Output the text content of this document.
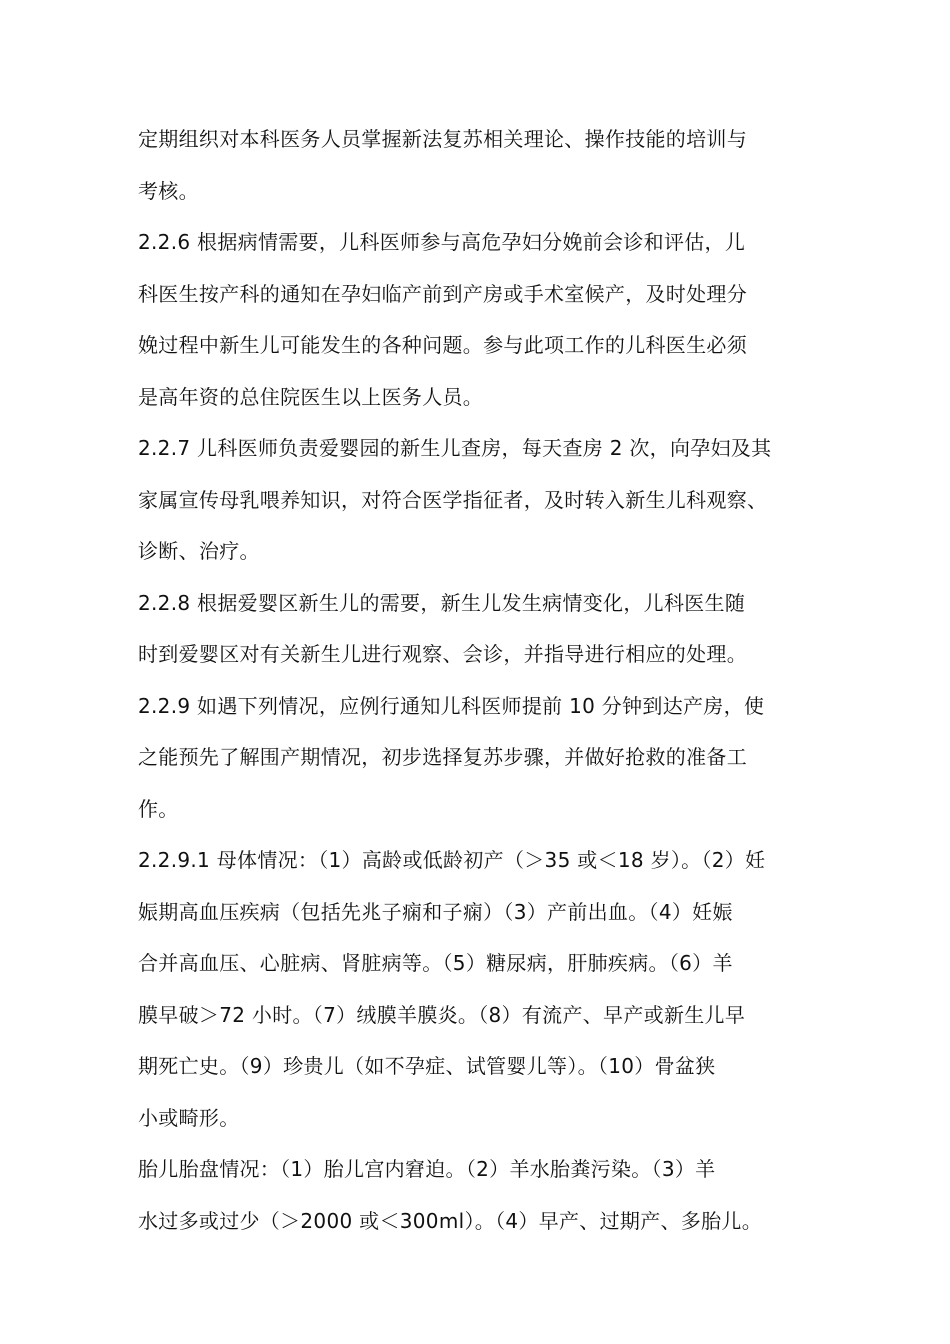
定期组织对本科医务人员掌握新法复苏相关理论、操作技能的培训与
考核。
2.2.6 根据病情需要，儿科医师参与高危孕妇分娩前会诊和评估，儿
科医生按产科的通知在孕妇临产前到产房或手术室候产，及时处理分
娩过程中新生儿可能发生的各种问题。参与此项工作的儿科医生必须
是高年资的总住院医生以上医务人员。
2.2.7 儿科医师负责爱婴园的新生儿查房，每天查房 2 次，向孕妇及其
家属宣传母乳喂养知识，对符合医学指征者，及时转入新生儿科观察、
诊断、治疗。
2.2.8 根据爱婴区新生儿的需要，新生儿发生病情变化，儿科医生随
时到爱婴区对有关新生儿进行观察、会诊，并指导进行相应的处理。
2.2.9 如遇下列情况，应例行通知儿科医师提前 10 分钟到达产房，使
之能预先了解围产期情况，初步选择复苏步骤，并做好抢救的准备工
作。
2.2.9.1 母体情况：（1）高龄或低龄初产（＞35 或＜18 岁）。（2）妊
娠期高血压疾病（包括先兆子痫和子痫）（3）产前出血。（4）妊娠
合并高血压、心脏病、肾脏病等。（5）糖尿病，肝肺疾病。（6）羊
膜早破＞72 小时。（7）绒膜羊膜炎。（8）有流产、早产或新生儿早
期死亡史。（9）珍贵儿（如不孕症、试管婴儿等）。（10）骨盆狭
小或畸形。
胎儿胎盘情况：（1）胎儿宫内窘迫。（2）羊水胎粪污染。（3）羊
水过多或过少（＞2000 或＜300ml）。（4）早产、过期产、多胎儿。
